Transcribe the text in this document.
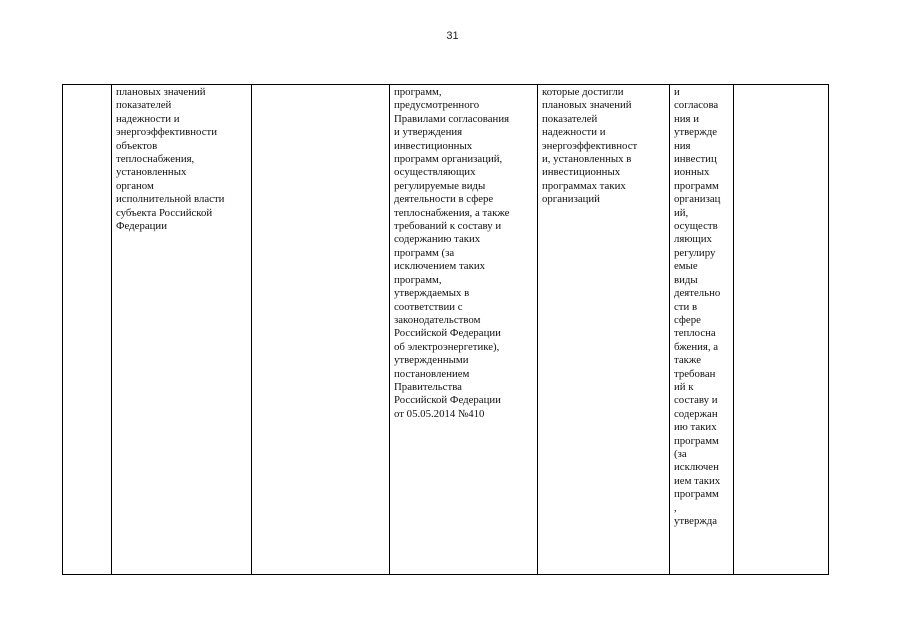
31
	плановых значений
показателей
надежности и
энергоэффективности
объектов
теплоснабжения,
установленных
органом
исполнительной власти
субъекта Российской
Федерации		программ,
предусмотренного
Правилами согласования
и утверждения
инвестиционных
программ организаций,
осуществляющих
регулируемые виды
деятельности в сфере
теплоснабжения, а также
требований к составу и
содержанию таких
программ (за
исключением таких
программ,
утверждаемых в
соответствии с
законодательством
Российской Федерации
об электроэнергетике),
утвержденными
постановлением
Правительства
Российской Федерации
от 05.05.2014 №410	которые достигли
плановых значений
показателей
надежности и
энергоэффективност
и, установленных в
инвестиционных
программах таких
организаций	и
согласова
ния и
утвержде
ния
инвестиц
ионных
программ
организац
ий,
осуществ
ляющих
регулиру
емые
виды
деятельно
сти в
сфере
теплосна
бжения, а
также
требован
ий к
составу и
содержан
ию таких
программ
(за
исключен
ием таких
программ
,
утвержда	
